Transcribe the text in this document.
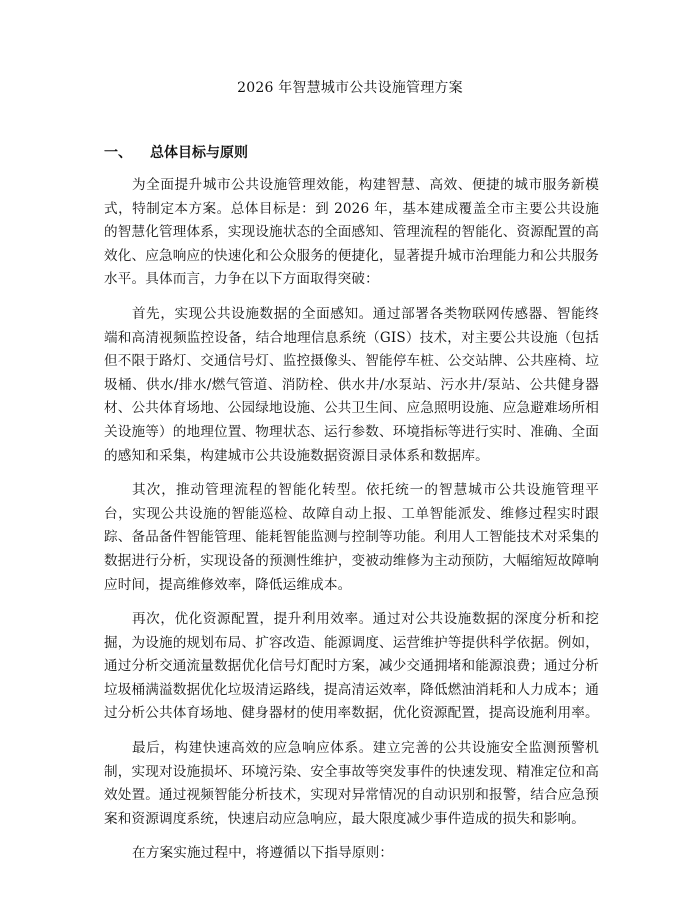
2026 年智慧城市公共设施管理方案
一、 总体目标与原则

为全面提升城市公共设施管理效能，构建智慧、高效、便捷的城市服务新模式，特制定本方案。总体目标是：到 2026 年，基本建成覆盖全市主要公共设施的智慧化管理体系，实现设施状态的全面感知、管理流程的智能化、资源配置的高效化、应急响应的快速化和公众服务的便捷化，显著提升城市治理能力和公共服务水平。具体而言，力争在以下方面取得突破：

首先，实现公共设施数据的全面感知。通过部署各类物联网传感器、智能终端和高清视频监控设备，结合地理信息系统（GIS）技术，对主要公共设施（包括但不限于路灯、交通信号灯、监控摄像头、智能停车桩、公交站牌、公共座椅、垃圾桶、供水/排水/燃气管道、消防栓、供水井/水泵站、污水井/泵站、公共健身器材、公共体育场地、公园绿地设施、公共卫生间、应急照明设施、应急避难场所相关设施等）的地理位置、物理状态、运行参数、环境指标等进行实时、准确、全面的感知和采集，构建城市公共设施数据资源目录体系和数据库。

其次，推动管理流程的智能化转型。依托统一的智慧城市公共设施管理平台，实现公共设施的智能巡检、故障自动上报、工单智能派发、维修过程实时跟踪、备品备件智能管理、能耗智能监测与控制等功能。利用人工智能技术对采集的数据进行分析，实现设备的预测性维护，变被动维修为主动预防，大幅缩短故障响应时间，提高维修效率，降低运维成本。

再次，优化资源配置，提升利用效率。通过对公共设施数据的深度分析和挖掘，为设施的规划布局、扩容改造、能源调度、运营维护等提供科学依据。例如，通过分析交通流量数据优化信号灯配时方案，减少交通拥堵和能源浪费；通过分析垃圾桶满溢数据优化垃圾清运路线，提高清运效率，降低燃油消耗和人力成本；通过分析公共体育场地、健身器材的使用率数据，优化资源配置，提高设施利用率。

最后，构建快速高效的应急响应体系。建立完善的公共设施安全监测预警机制，实现对设施损坏、环境污染、安全事故等突发事件的快速发现、精准定位和高效处置。通过视频智能分析技术，实现对异常情况的自动识别和报警，结合应急预案和资源调度系统，快速启动应急响应，最大限度减少事件造成的损失和影响。

在方案实施过程中，将遵循以下指导原则：
